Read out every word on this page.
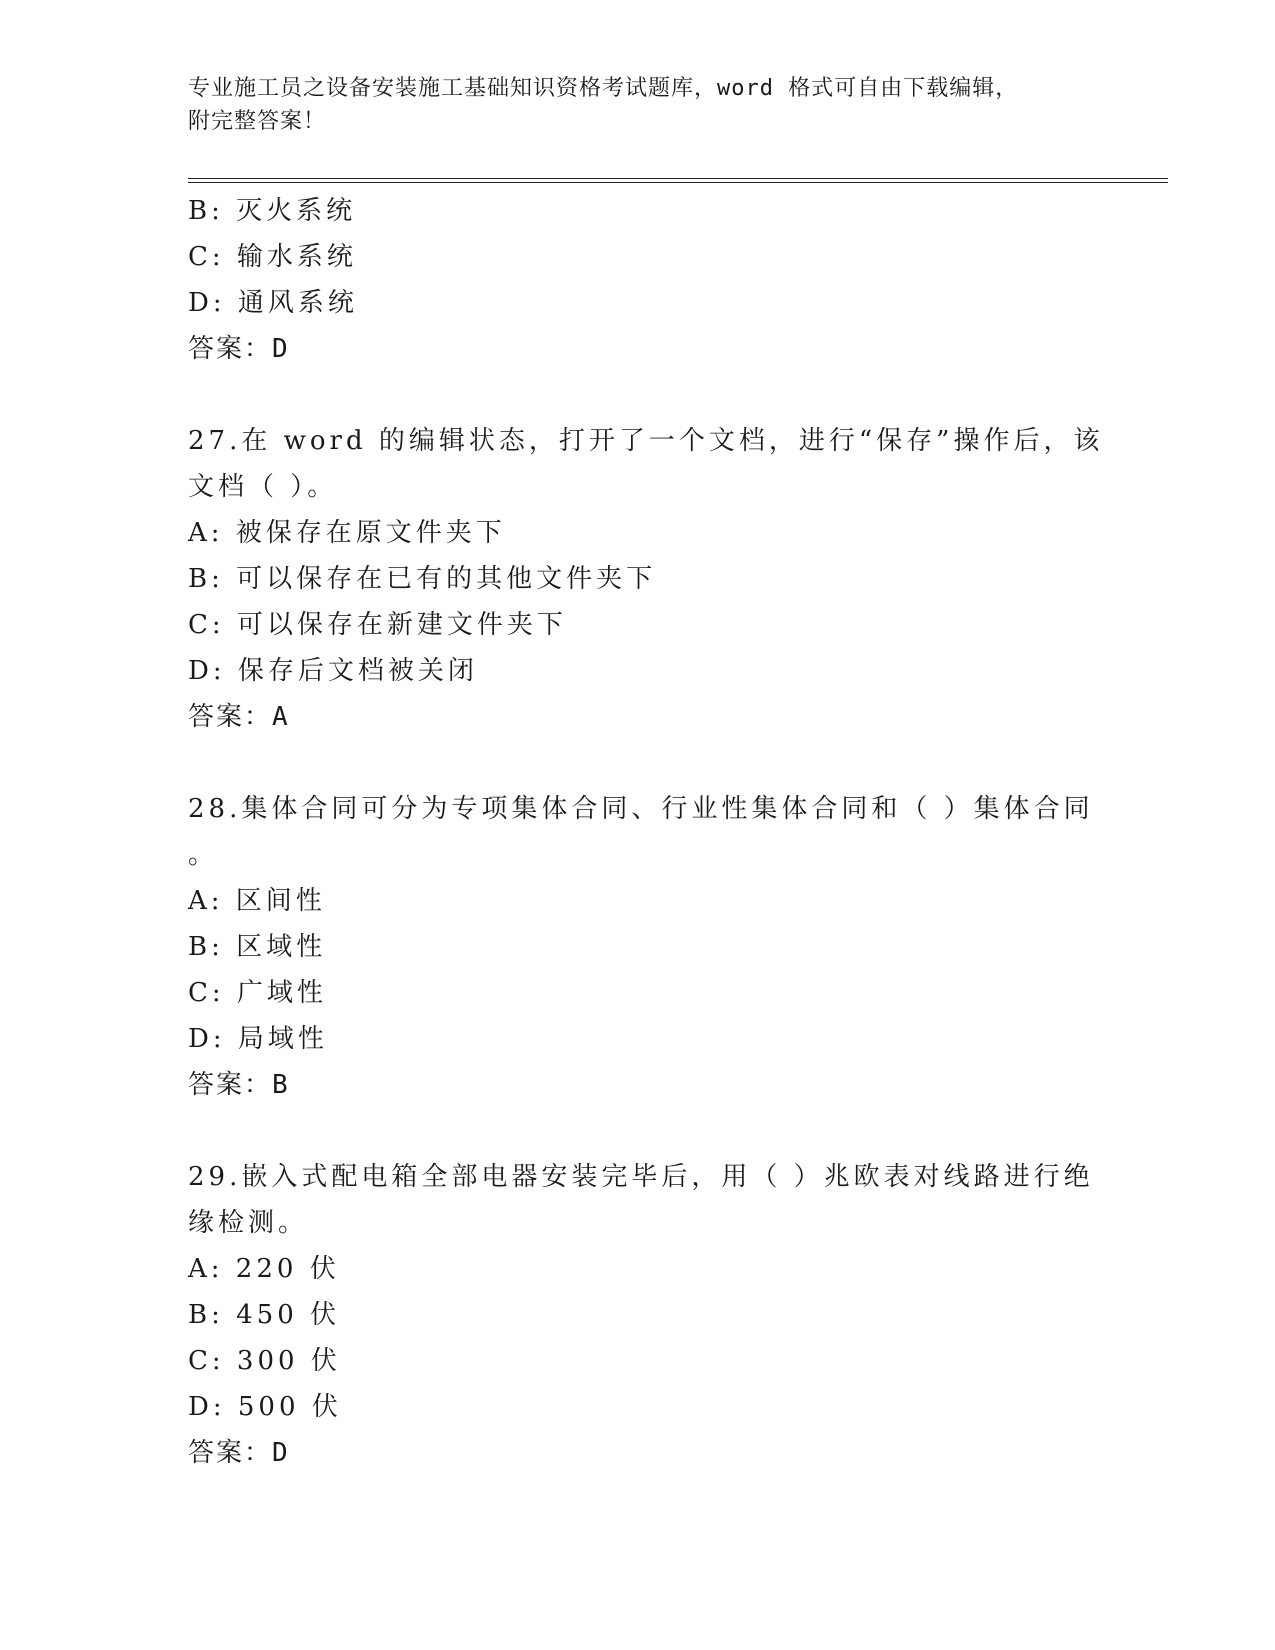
专业施工员之设备安装施工基础知识资格考试题库，word 格式可自由下载编辑，
附完整答案！
B: 灭火系统
C: 输水系统
D: 通风系统
答案：D
27.在 word 的编辑状态，打开了一个文档，进行“保存”操作后，该
文档（ ）。
A: 被保存在原文件夹下
B: 可以保存在已有的其他文件夹下
C: 可以保存在新建文件夹下
D: 保存后文档被关闭
答案：A
28.集体合同可分为专项集体合同、行业性集体合同和（ ）集体合同
。
A: 区间性
B: 区域性
C: 广域性
D: 局域性
答案：B
29.嵌入式配电箱全部电器安装完毕后，用（ ）兆欧表对线路进行绝
缘检测。
A: 220 伏
B: 450 伏
C: 300 伏
D: 500 伏
答案：D
